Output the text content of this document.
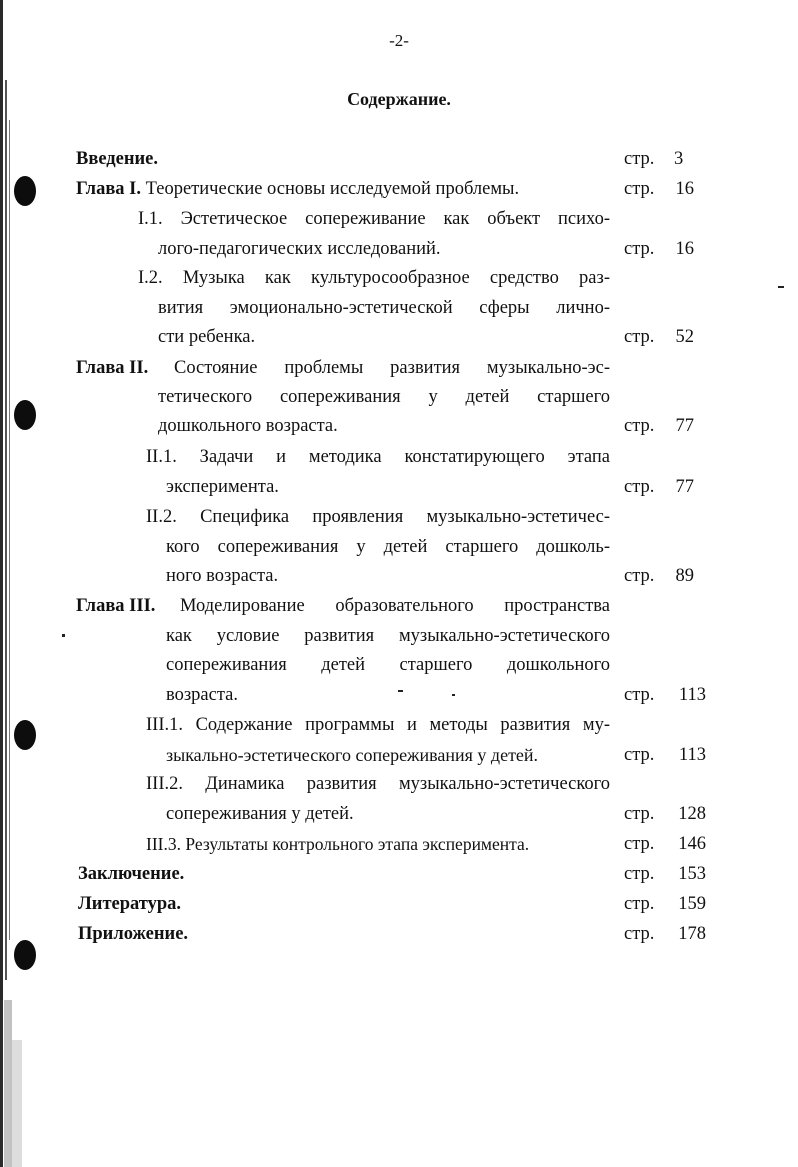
-2-
Содержание.
Введение.	стр. 3
Глава I. Теоретические основы исследуемой проблемы.	стр.	16
I.1. Эстетическое сопереживание как объект психо-
лого-педагогических исследований.	стр.	16
I.2. Музыка как культуросообразное средство раз-
вития эмоционально-эстетической сферы лично-
сти ребенка.	стр.	52
Глава II. Состояние проблемы развития музыкально-эс-
тетического сопереживания у детей старшего
дошкольного возраста.	стр.	77
II.1. Задачи и методика констатирующего этапа
эксперимента.	стр.	77
II.2. Специфика проявления музыкально-эстетичес-
кого сопереживания у детей старшего дошколь-
ного возраста.	стр.	89
Глава III. Моделирование образовательного пространства
как условие развития музыкально-эстетического
сопереживания детей старшего дошкольного
возраста.	стр.	113
III.1. Содержание программы и методы развития му-
зыкально-эстетического сопереживания у детей.	стр.	113
III.2. Динамика развития музыкально-эстетического
сопереживания у детей.	стр.	128
III.3. Результаты контрольного этапа эксперимента.	стр.	146
Заключение.	стр.	153
Литература.	стр.	159
Приложение.	стр.	178
